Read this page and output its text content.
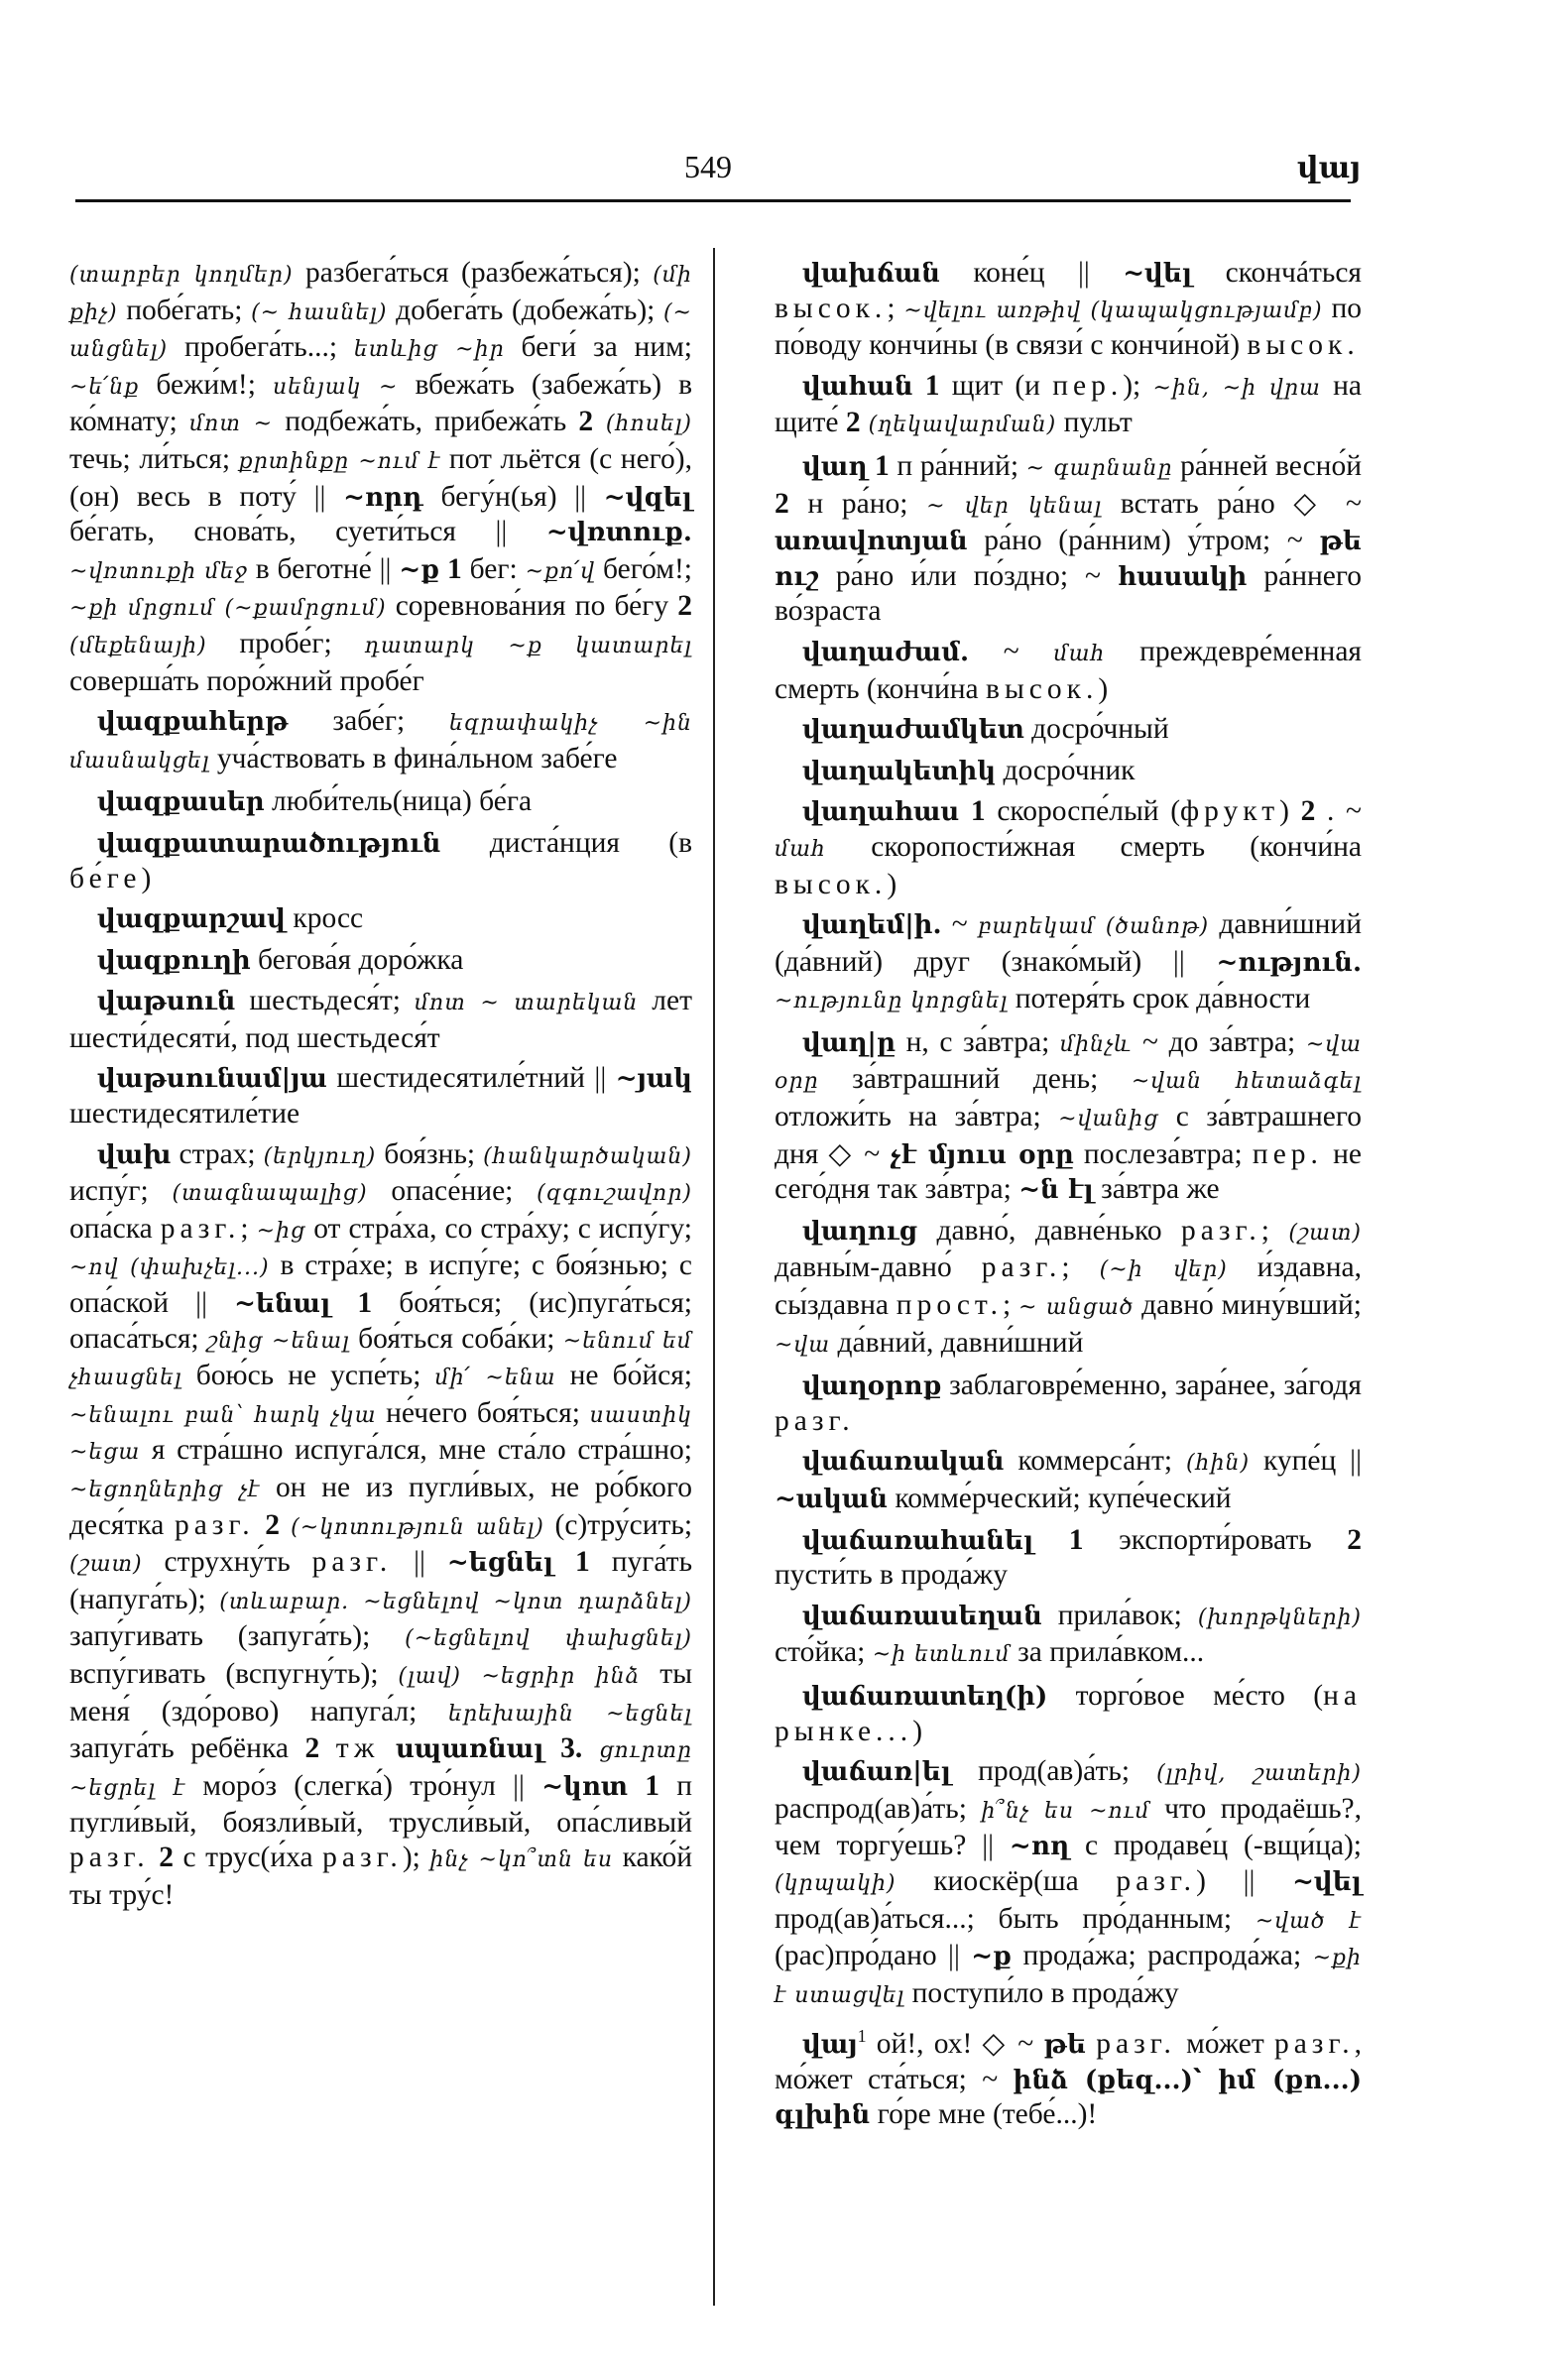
549	վայ

(տարբեր կողմեր) разбега́ться (разбежа́ться); (մի քիչ) побе́гать; (~ հասնել) добега́ть (добежа́ть); (~ անցնել) пробега́ть...; ետևից ~իր беги́ за ним; ~ե՛նք бежи́м!; սենյակ ~ вбежа́ть (забежа́ть) в ко́мнату; մոտ ~ подбежа́ть, прибежа́ть 2 (հոսել) течь; ли́ться; քրտինքը ~ում է пот льётся (с него́), (он) весь в поту́ || ~որդ бегу́н(ья) || ~վզել бе́гать, снова́ть, суети́ться || ~վռտուք. ~վռտուքի մեջ в беготне́ || ~ք 1 бег: ~քո՛վ бего́м!; ~քի մրցում (~քամրցում) соревнова́ния по бе́гу 2 (մեքենայի) пробе́г; դատարկ ~ք կատարել соверша́ть поро́жний пробе́г

վազքահերթ забе́г; եզրափակիչ ~ին մասնակցել уча́ствовать в фина́льном забе́ге

վազքասեր люби́тель(ница) бе́га

վազքատարածություն диста́нция (в бе́ге)

վազքարշավ кросс

վազքուղի бегова́я доро́жка

վաթսուն шестьдеся́т; մոտ ~ տարեկան лет шести́десяти́, под шестьдеся́т

վաթսունամ|յա шестидесятиле́тний || ~յակ шестидесятиле́тие

վախ страх; (երկյուղ) боя́знь; (հանկարծական) испу́г; (տագնապալից) опасе́ние; (զգուշավոր) опа́ска разг.; ~ից от стра́ха, со стра́ху; с испу́гу; ~ով (փախչել...) в стра́хе; в испу́ге; с боя́знью; с опа́ской || ~ենալ 1 боя́ться; (ис)пуга́ться; опаса́ться; շնից ~ենալ боя́ться соба́ки; ~ենում եմ չհասցնել бою́сь не успе́ть; մի՛ ~ենա не бо́йся; ~ենալու բան՝ հարկ չկա не́чего боя́ться; սաստիկ ~եցա я стра́шно испуга́лся, мне ста́ло стра́шно; ~եցողներից չէ он не из пугли́вых, не ро́бкого деся́тка разг. 2 (~կոտություն անել) (с)тру́сить; (շատ) струхну́ть разг. || ~եցնել 1 пуга́ть (напуга́ть); (տևաբար. ~եցնելով ~կոտ դարձնել) запу́гивать (запуга́ть); (~եցնելով փախցնել) вспу́гивать (вспугну́ть); (լավ) ~եցրիր ինձ ты меня́ (здо́рово) напуга́л; երեխային ~եցնել запуга́ть ребёнка 2 тж սպառնալ 3. ցուրտը ~եցրել է моро́з (слегка́) тро́нул || ~կոտ 1 п пугли́вый, боязли́вый, трусли́вый, опа́сливый разг. 2 с трус(и́ха разг.); ինչ ~կո՞տն ես како́й ты тру́с!

վախճան коне́ц || ~վել скончáться высок.; ~վելու առթիվ (կապակցությամբ) по по́воду кончи́ны (в связи́ с кончи́ной) высок.

վահան 1 щит (и пер.); ~ին, ~ի վրա на щите́ 2 (ղեկավարման) пульт

վաղ 1 п ра́нний; ~ գարնանը ра́нней весно́й 2 н ра́но; ~ վեր կենալ встать ра́но ◇ ~ առավոտյան ра́но (ра́нним) у́тром; ~ թե ուշ ра́но и́ли по́здно; ~ հասակի ра́ннего во́зраста

վաղաժամ. ~ մահ преждевре́менная смерть (кончи́на высок.)

վաղաժամկետ досро́чный

վաղակետիկ досро́чник

վաղահաս 1 скороспе́лый (фрукт) 2 . ~ մահ скоропости́жная смерть (кончи́на высок.)

վաղեմ|ի. ~ բարեկամ (ծանոթ) давни́шний (да́вний) друг (знако́мый) || ~ություն. ~ությունը կորցնել потеря́ть срок да́вности

վաղ|ը н, с за́втра; մինչև ~ до за́втра; ~վա օրը за́втрашний день; ~վան հետաձգել отложи́ть на за́втра; ~վանից с за́втрашнего дня ◇ ~ չէ մյուս օրը послеза́втра; пер. не сего́дня так за́втра; ~ն էլ за́втра же

վաղուց давно́, давне́нько разг.; (շատ) давны́м-давно́ разг.; (~ի վեր) и́здавна, сы́здавна прост.; ~ անցած давно́ мину́вший; ~վա да́вний, давни́шний

վաղօրոք заблаговре́менно, зара́нее, за́годя разг.

վաճառական коммерса́нт; (հին) купе́ц || ~ական комме́рческий; купе́ческий

վաճառահանել 1 экспорти́ровать 2 пусти́ть в прода́жу

վաճառասեղան прила́вок; (խորթկների) сто́йка; ~ի ետևում за прила́вком...

վաճառատեղ(ի) торго́вое ме́сто (на рынке...)

վաճառ|ել прод(ав)а́ть; (լրիվ, շատերի) распрод(ав)а́ть; ի՞նչ ես ~ում что продаёшь?, чем торгу́ешь? || ~ող с продаве́ц (-вщи́ца); (կրպակի) киоскёр(ша разг.) || ~վել прод(ав)а́ться...; быть про́данным; ~ված է (рас)про́дано || ~ք прода́жа; распрода́жа; ~քի է ստացվել поступи́ло в прода́жу

վայ$^1$ ой!, ох! ◇ ~ թե разг. мо́жет разг., мо́жет ста́ться; ~ ինձ (քեզ...)՝ իմ (քո...) գլխին го́ре мне (тебе́...)!
